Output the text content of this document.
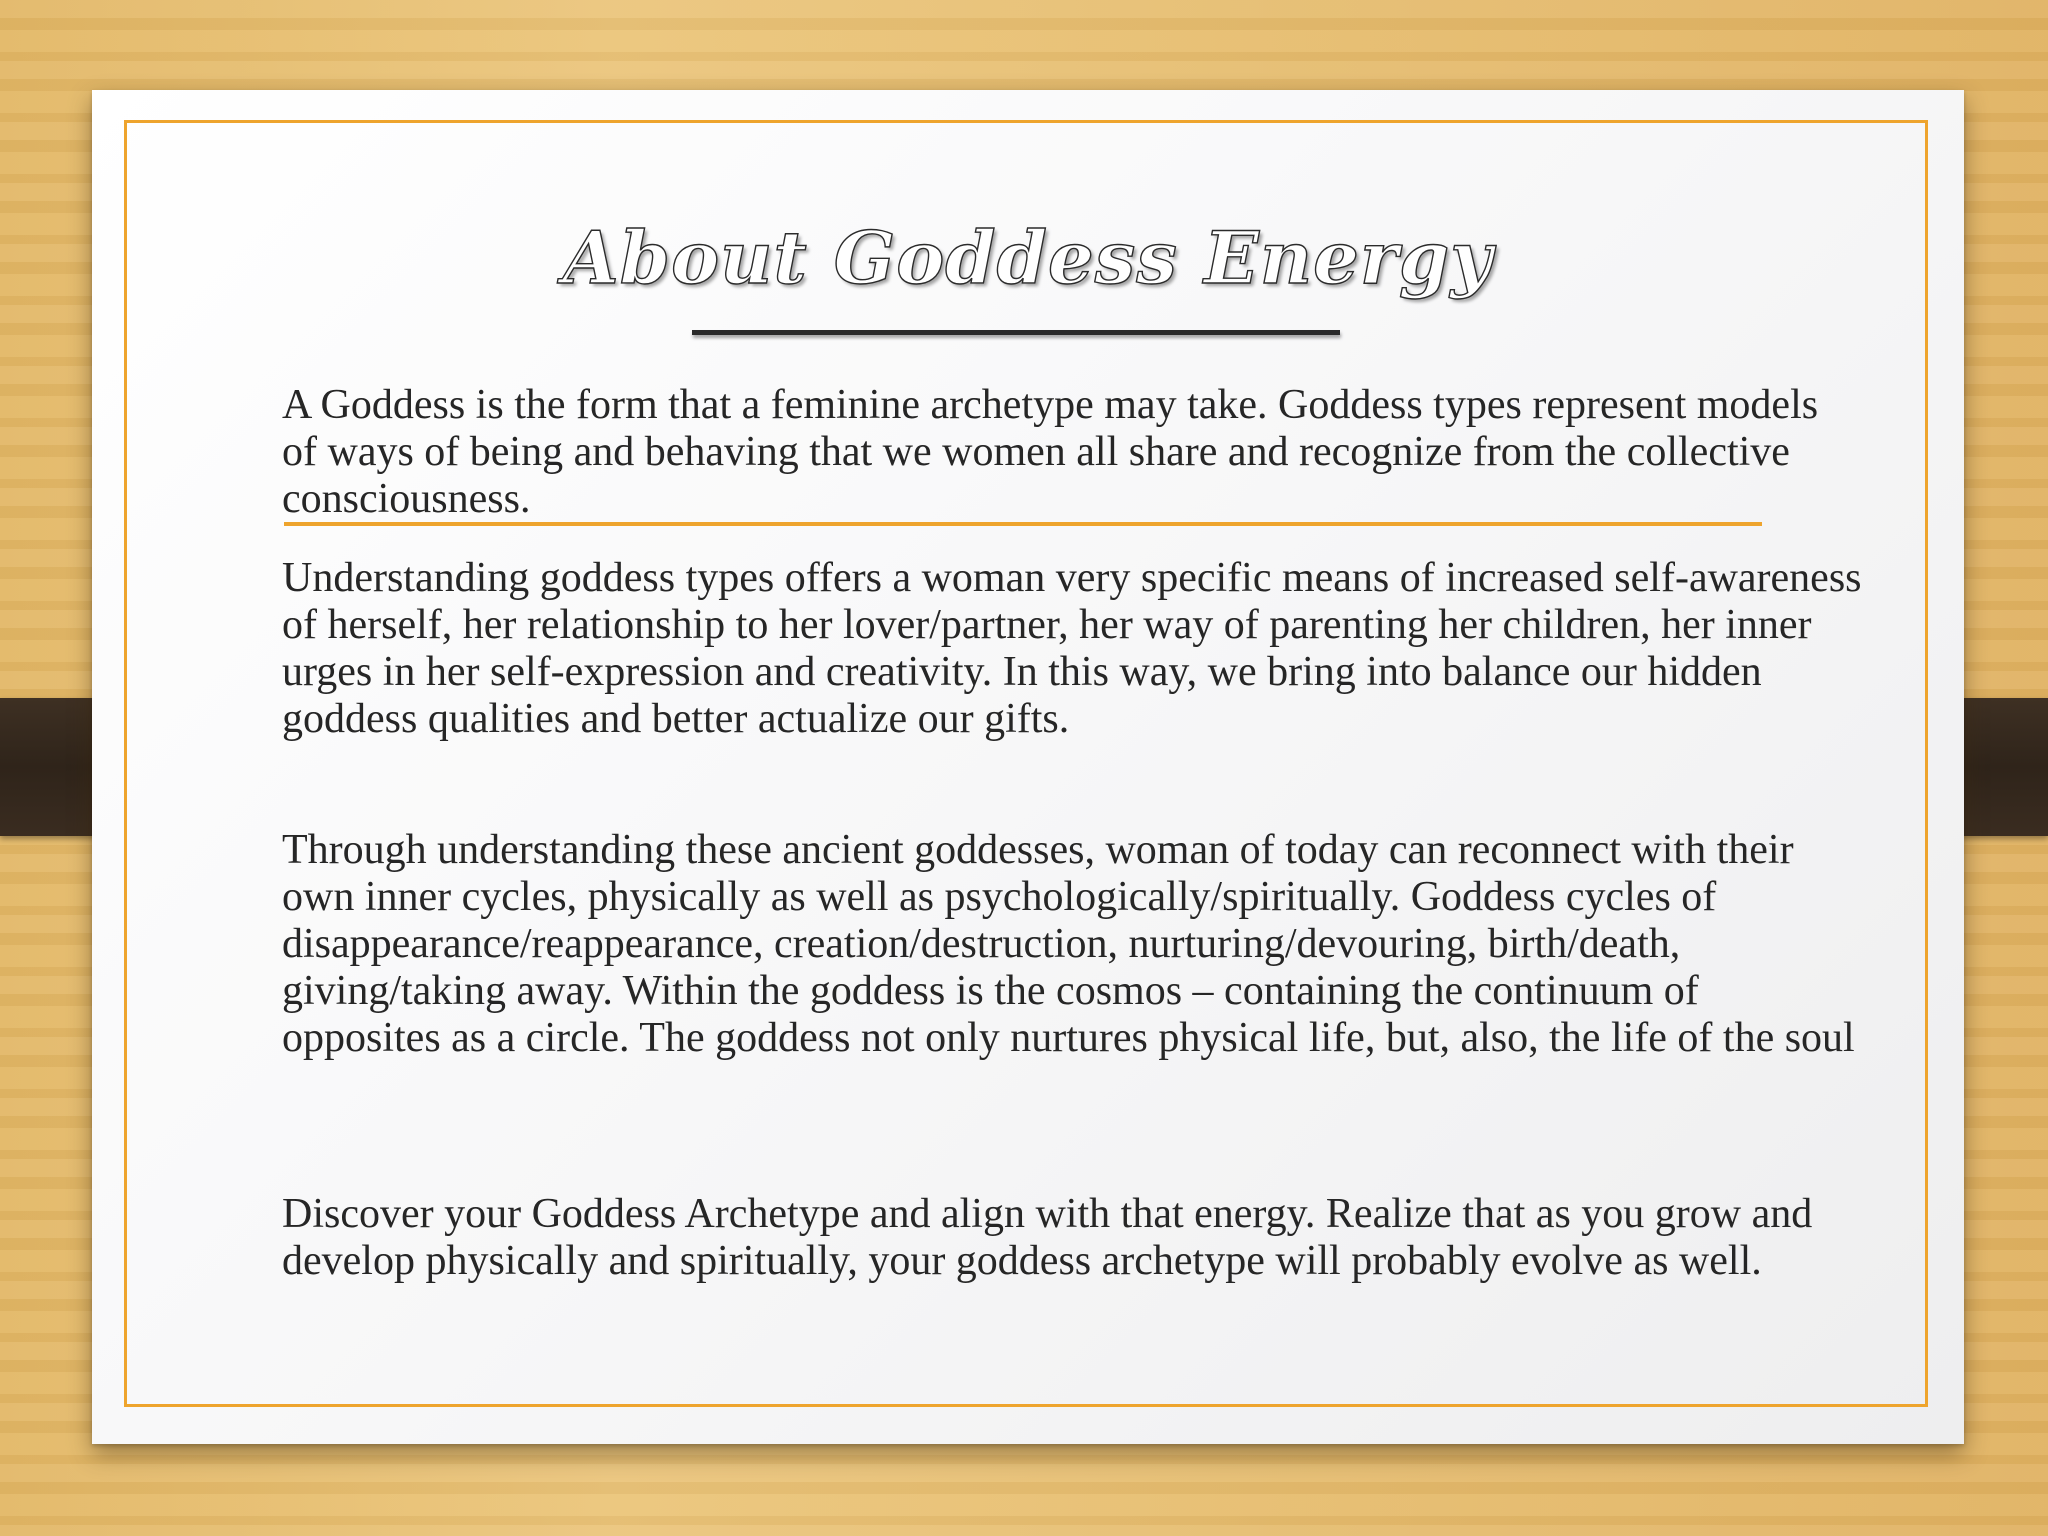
About Goddess Energy

A Goddess is the form that a feminine archetype may take. Goddess types represent models of ways of being and behaving that we women all share and recognize from the collective consciousness.

Understanding goddess types offers a woman very specific means of increased self-awareness of herself, her relationship to her lover/partner, her way of parenting her children, her inner urges in her self-expression and creativity. In this way, we bring into balance our hidden goddess qualities and better actualize our gifts.

Through understanding these ancient goddesses, woman of today can reconnect with their own inner cycles, physically as well as psychologically/spiritually. Goddess cycles of disappearance/reappearance, creation/destruction, nurturing/devouring, birth/death, giving/taking away. Within the goddess is the cosmos – containing the continuum of opposites as a circle. The goddess not only nurtures physical life, but, also, the life of the soul

Discover your Goddess Archetype and align with that energy. Realize that as you grow and develop physically and spiritually, your goddess archetype will probably evolve as well.
